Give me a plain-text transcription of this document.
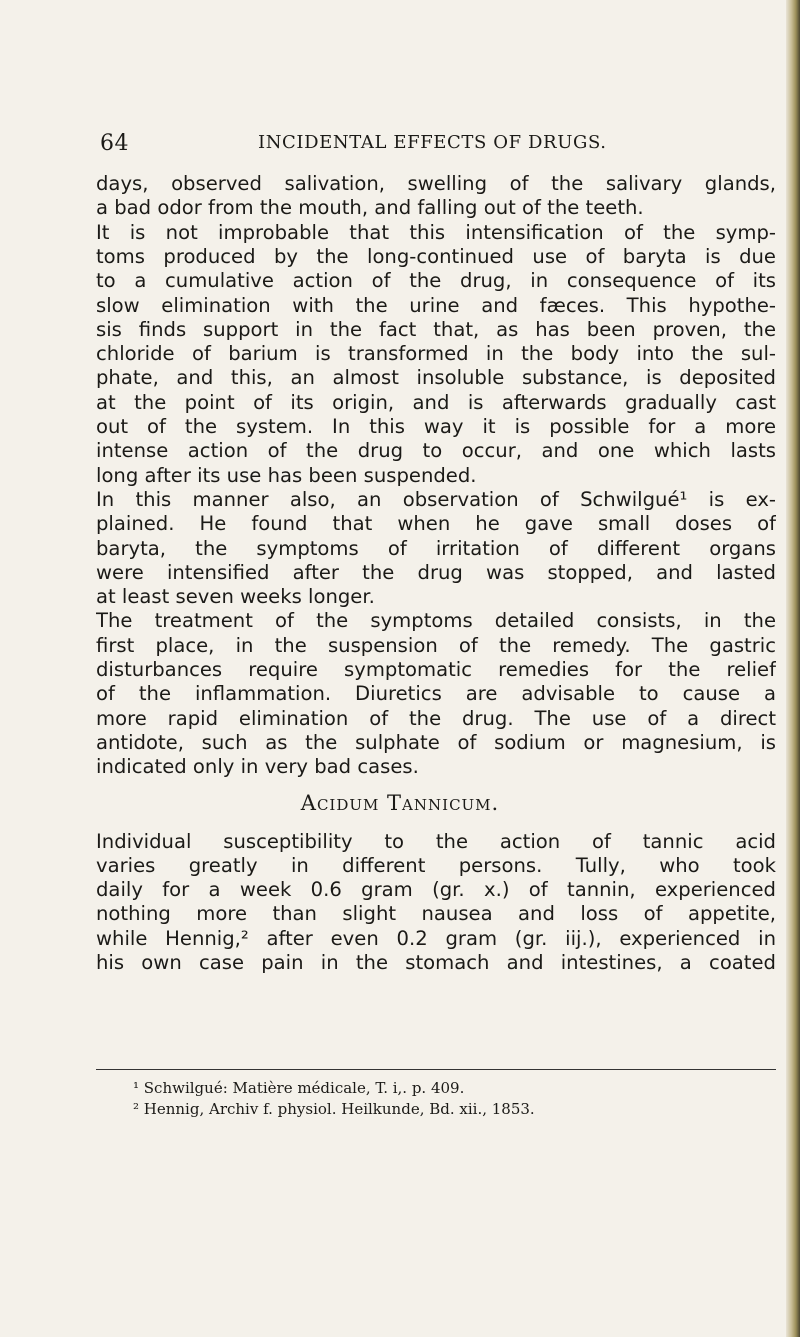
64	INCIDENTAL EFFECTS OF DRUGS.
Acidum Tannicum.
¹ Schwilgué: Matière médicale, T. i,. p. 409.
² Hennig, Archiv f. physiol. Heilkunde, Bd. xii., 1853.
days, observed salivation, swelling of the salivary glands,
a bad odor from the mouth, and falling out of the teeth.
It is not improbable that this intensification of the symp-
toms produced by the long-continued use of baryta is due
to a cumulative action of the drug, in consequence of its
slow elimination with the urine and fæces. This hypothe-
sis finds support in the fact that, as has been proven, the
chloride of barium is transformed in the body into the sul-
phate, and this, an almost insoluble substance, is deposited
at the point of its origin, and is afterwards gradually cast
out of the system. In this way it is possible for a more
intense action of the drug to occur, and one which lasts
long after its use has been suspended.
In this manner also, an observation of Schwilgué¹ is ex-
plained. He found that when he gave small doses of
baryta, the symptoms of irritation of different organs
were intensified after the drug was stopped, and lasted
at least seven weeks longer.
The treatment of the symptoms detailed consists, in the
first place, in the suspension of the remedy. The gastric
disturbances require symptomatic remedies for the relief
of the inflammation. Diuretics are advisable to cause a
more rapid elimination of the drug. The use of a direct
antidote, such as the sulphate of sodium or magnesium, is
indicated only in very bad cases.
Individual susceptibility to the action of tannic acid
varies greatly in different persons. Tully, who took
daily for a week 0.6 gram (gr. x.) of tannin, experienced
nothing more than slight nausea and loss of appetite,
while Hennig,² after even 0.2 gram (gr. iij.), experienced in
his own case pain in the stomach and intestines, a coated
